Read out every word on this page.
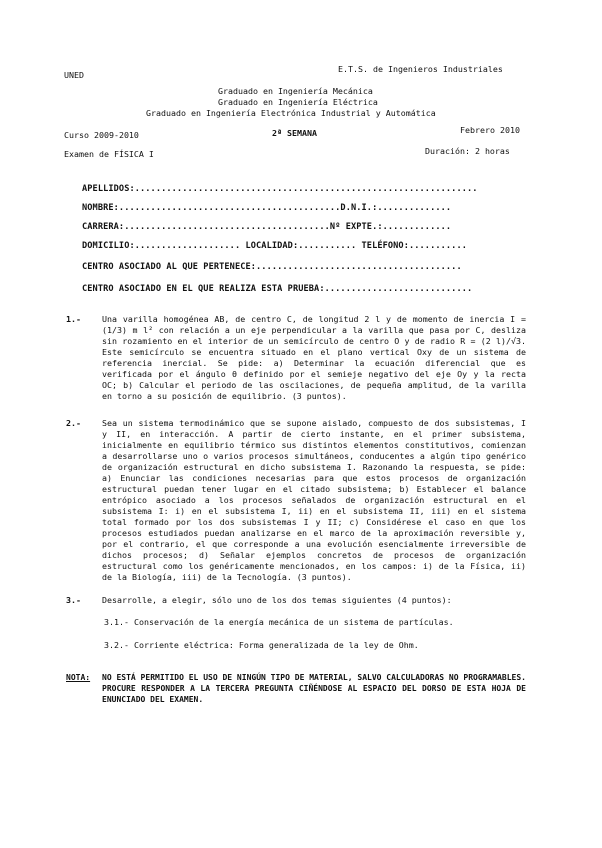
UNED
E.T.S. de Ingenieros Industriales
Graduado en Ingeniería Mecánica
Graduado en Ingeniería Eléctrica
Graduado en Ingeniería Electrónica Industrial y Automática
Curso 2009-2010	2ª SEMANA	Febrero 2010
Examen de FÍSICA I	Duración: 2 horas
APELLIDOS:.................................................................
NOMBRE:..........................................D.N.I.:..............
CARRERA:.......................................Nº EXPTE.:.............
DOMICILIO:.................... LOCALIDAD:........... TELÉFONO:...........
CENTRO ASOCIADO AL QUE PERTENECE:.......................................
CENTRO ASOCIADO EN EL QUE REALIZA ESTA PRUEBA:............................
1.-	Una varilla homogénea AB, de centro C, de longitud 2 l y de momento de inercia I = (1/3) m l² con relación a un eje perpendicular a la varilla que pasa por C, desliza sin rozamiento en el interior de un semicírculo de centro O y de radio R = (2 l)/√3. Este semicírculo se encuentra situado en el plano vertical Oxy de un sistema de referencia inercial. Se pide: a) Determinar la ecuación diferencial que es verificada por el ángulo θ definido por el semieje negativo del eje Oy y la recta OC; b) Calcular el periodo de las oscilaciones, de pequeña amplitud, de la varilla en torno a su posición de equilibrio. (3 puntos).
2.-	Sea un sistema termodinámico que se supone aislado, compuesto de dos subsistemas, I y II, en interacción. A partir de cierto instante, en el primer subsistema, inicialmente en equilibrio térmico sus distintos elementos constitutivos, comienzan a desarrollarse uno o varios procesos simultáneos, conducentes a algún tipo genérico de organización estructural en dicho subsistema I. Razonando la respuesta, se pide: a) Enunciar las condiciones necesarias para que estos procesos de organización estructural puedan tener lugar en el citado subsistema; b) Establecer el balance entrópico asociado a los procesos señalados de organización estructural en el subsistema I: i) en el subsistema I, ii) en el subsistema II, iii) en el sistema total formado por los dos subsistemas I y II; c) Considérese el caso en que los procesos estudiados puedan analizarse en el marco de la aproximación reversible y, por el contrario, el que corresponde a una evolución esencialmente irreversible de dichos procesos; d) Señalar ejemplos concretos de procesos de organización estructural como los genéricamente mencionados, en los campos: i) de la Física, ii) de la Biología, iii) de la Tecnología. (3 puntos).
3.-	Desarrolle, a elegir, sólo uno de los dos temas siguientes (4 puntos):
3.1.- Conservación de la energía mecánica de un sistema de partículas.
3.2.- Corriente eléctrica: Forma generalizada de la ley de Ohm.
NOTA: NO ESTÁ PERMITIDO EL USO DE NINGÚN TIPO DE MATERIAL, SALVO CALCULADORAS NO PROGRAMABLES. PROCURE RESPONDER A LA TERCERA PREGUNTA CIÑÉNDOSE AL ESPACIO DEL DORSO DE ESTA HOJA DE ENUNCIADO DEL EXAMEN.
